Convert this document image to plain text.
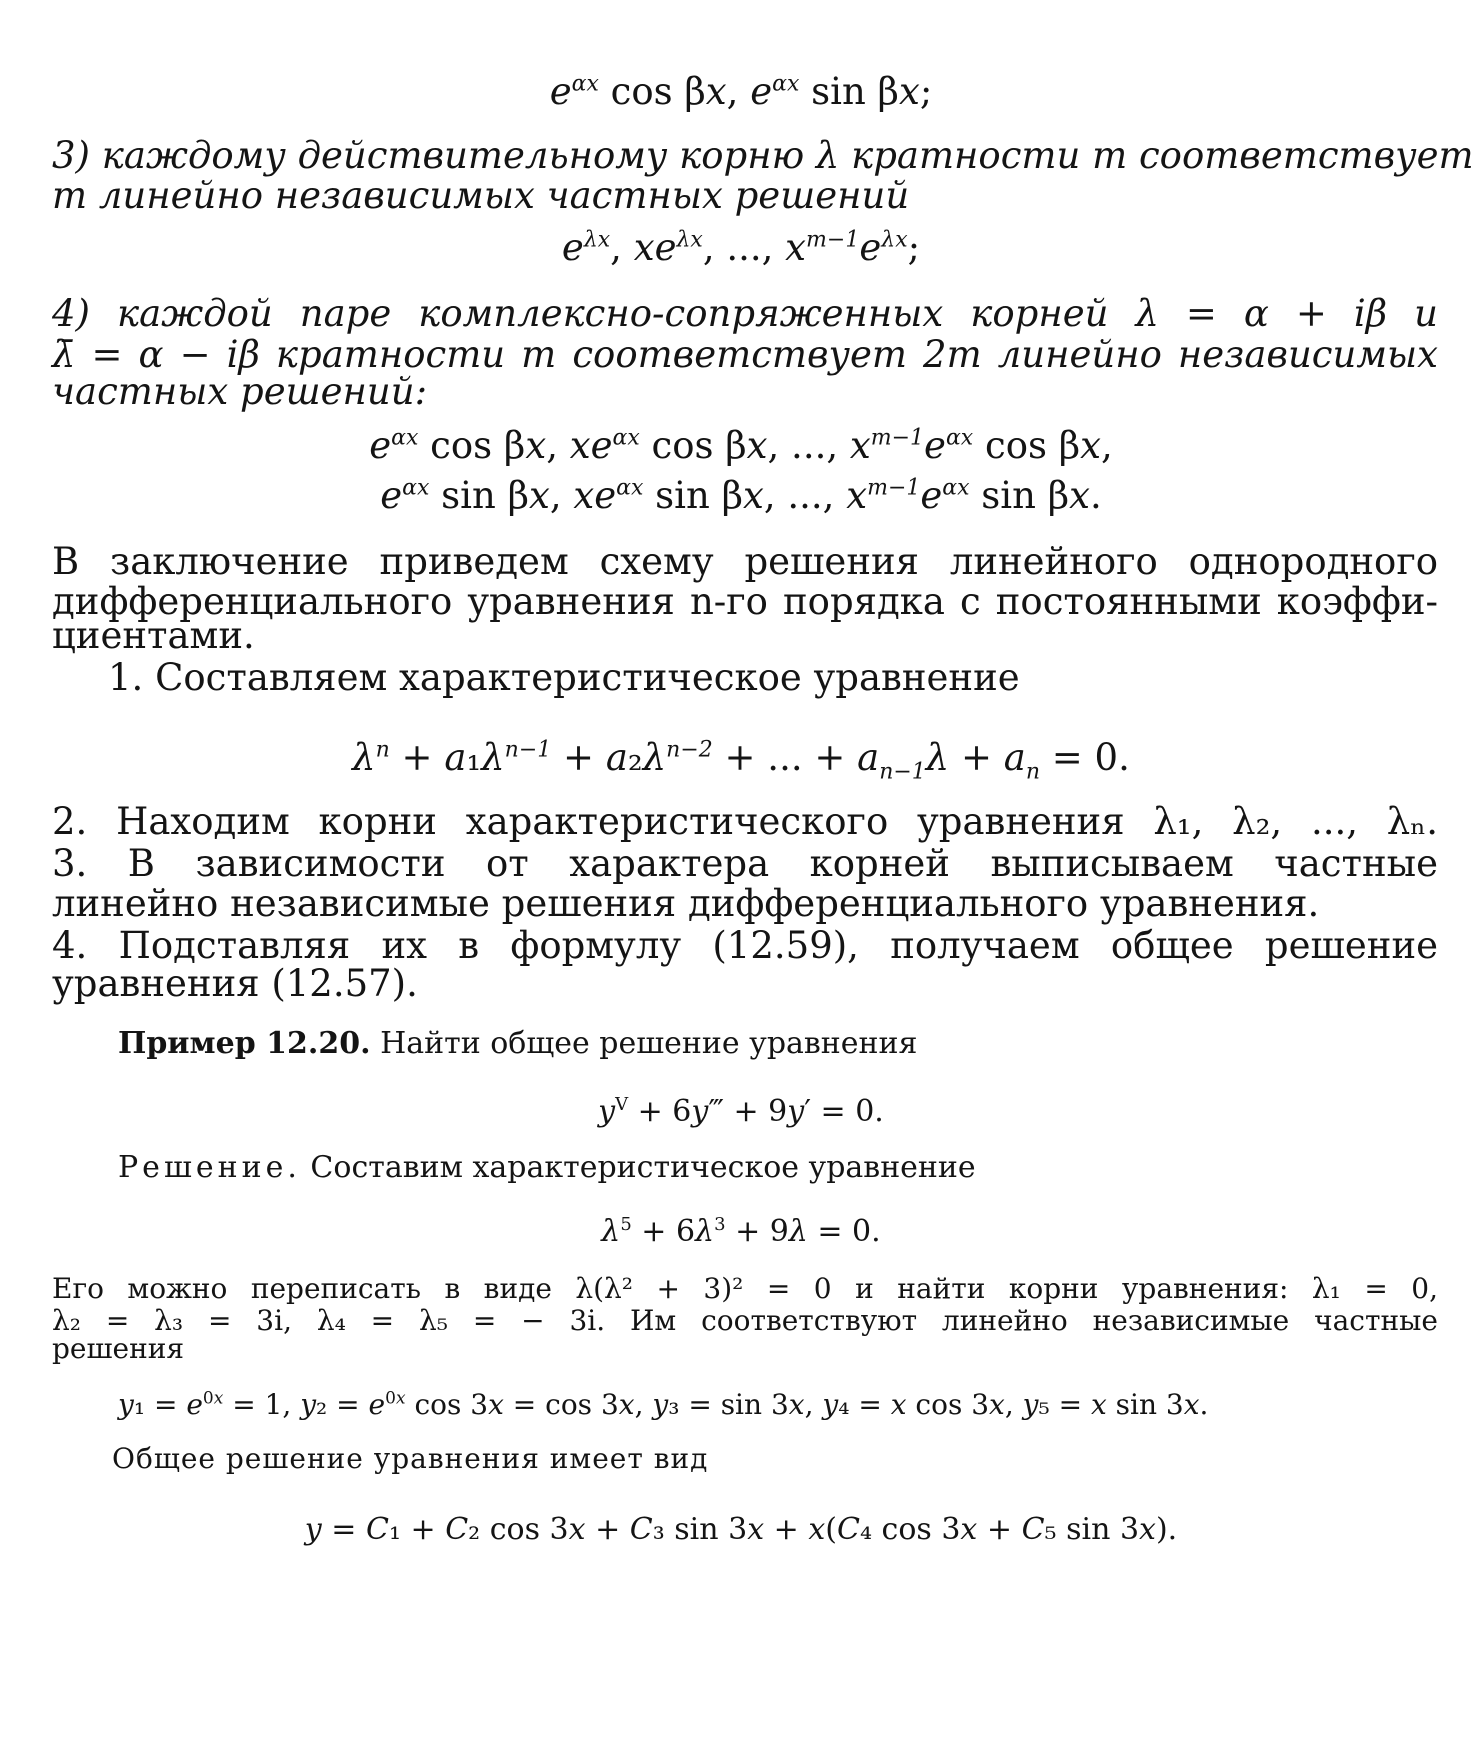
$e^{\alpha x}$ cos βx, $e^{\alpha x}$ sin βx;
3) каждому действительному корню λ кратности m соответствует
m линейно независимых частных решений
$e^{\lambda x}$, $xe^{\lambda x}$, ..., $x^{m-1}e^{\lambda x}$;
4) каждой паре комплексно-сопряженных корней λ = α + iβ и
λ̄ = α − iβ кратности m соответствует 2m линейно независимых
частных решений:
$e^{\alpha x}$ cos βx, $xe^{\alpha x}$ cos βx, ..., $x^{m-1}e^{\alpha x}$ cos βx,
$e^{\alpha x}$ sin βx, $xe^{\alpha x}$ sin βx, ..., $x^{m-1}e^{\alpha x}$ sin βx.
В заключение приведем схему решения линейного однородного
дифференциального уравнения n-го порядка с постоянными коэффи-
циентами.
1. Составляем характеристическое уравнение
$\lambda^n + a_1\lambda^{n-1} + a_2\lambda^{n-2}$ + ... + $a_{n-1}\lambda + a_n = 0$.
2. Находим корни характеристического уравнения λ₁, λ₂, ..., λₙ.
3. В зависимости от характера корней выписываем частные
линейно независимые решения дифференциального уравнения.
4. Подставляя их в формулу (12.59), получаем общее решение
уравнения (12.57).
Пример 12.20. Найти общее решение уравнения
$y^V$ + 6y‴ + 9y′ = 0.
Решение. Составим характеристическое уравнение
$\lambda^5 + 6\lambda^3 + 9\lambda = 0$.
Его можно переписать в виде λ(λ² + 3)² = 0 и найти корни уравнения: λ₁ = 0,
λ₂ = λ₃ = 3i, λ₄ = λ₅ = − 3i. Им соответствуют линейно независимые частные
решения
$y_1 = e^{0x} = 1$, $y_2 = e^{0x}$ cos 3x = cos 3x, y₃ = sin 3x, y₄ = x cos 3x, y₅ = x sin 3x.
Общее решение уравнения имеет вид
y = C₁ + C₂ cos 3x + C₃ sin 3x + x(C₄ cos 3x + C₅ sin 3x).
